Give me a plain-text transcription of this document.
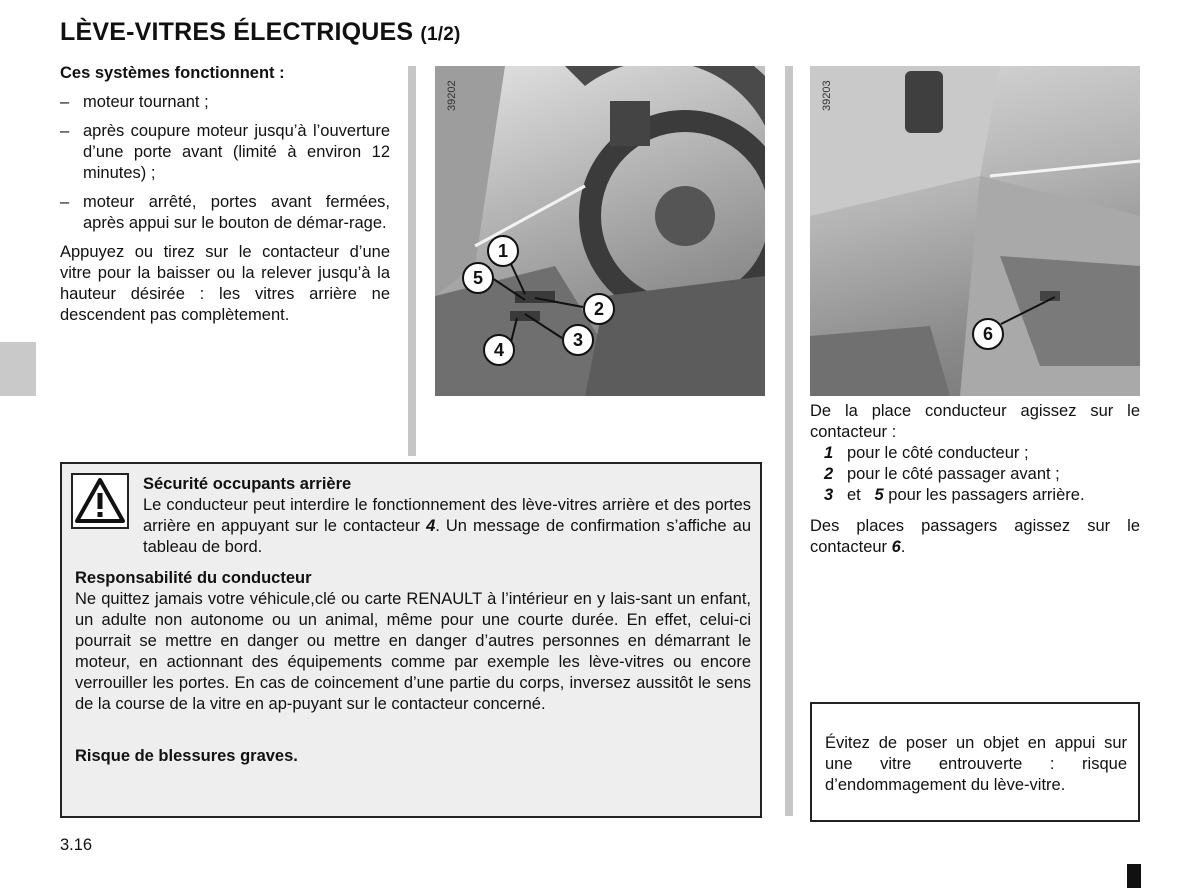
LÈVE-VITRES ÉLECTRIQUES (1/2)

Ces systèmes fonctionnent :

– moteur tournant ;
– après coupure moteur jusqu’à l’ouverture d’une porte avant (limité à environ 12 minutes) ;
– moteur arrêté, portes avant fermées, après appui sur le bouton de démar-rage.

Appuyez ou tirez sur le contacteur d’une vitre pour la baisser ou la relever jusqu’à la hauteur désirée : les vitres arrière ne descendent pas complètement.

39202
1
5
2
3
4
39203
6

De la place conducteur agissez sur le contacteur :

1 pour le côté conducteur ;
2 pour le côté passager avant ;
3 et 5 pour les passagers arrière.

Des places passagers agissez sur le contacteur 6.

Sécurité occupants arrière

Le conducteur peut interdire le fonctionnement des lève-vitres arrière et des portes arrière en appuyant sur le contacteur 4. Un message de confirmation s’affiche au tableau de bord.

Responsabilité du conducteur

Ne quittez jamais votre véhicule,clé ou carte RENAULT à l’intérieur en y lais-sant un enfant, un adulte non autonome ou un animal, même pour une courte durée. En effet, celui-ci pourrait se mettre en danger ou mettre en danger d’autres personnes en démarrant le moteur, en actionnant des équipements comme par exemple les lève-vitres ou encore verrouiller les portes. En cas de coincement d’une partie du corps, inversez aussitôt le sens de la course de la vitre en ap-puyant sur le contacteur concerné.

Risque de blessures graves.

Évitez de poser un objet en appui sur une vitre entrouverte : risque d’endommagement du lève-vitre.

3.16
